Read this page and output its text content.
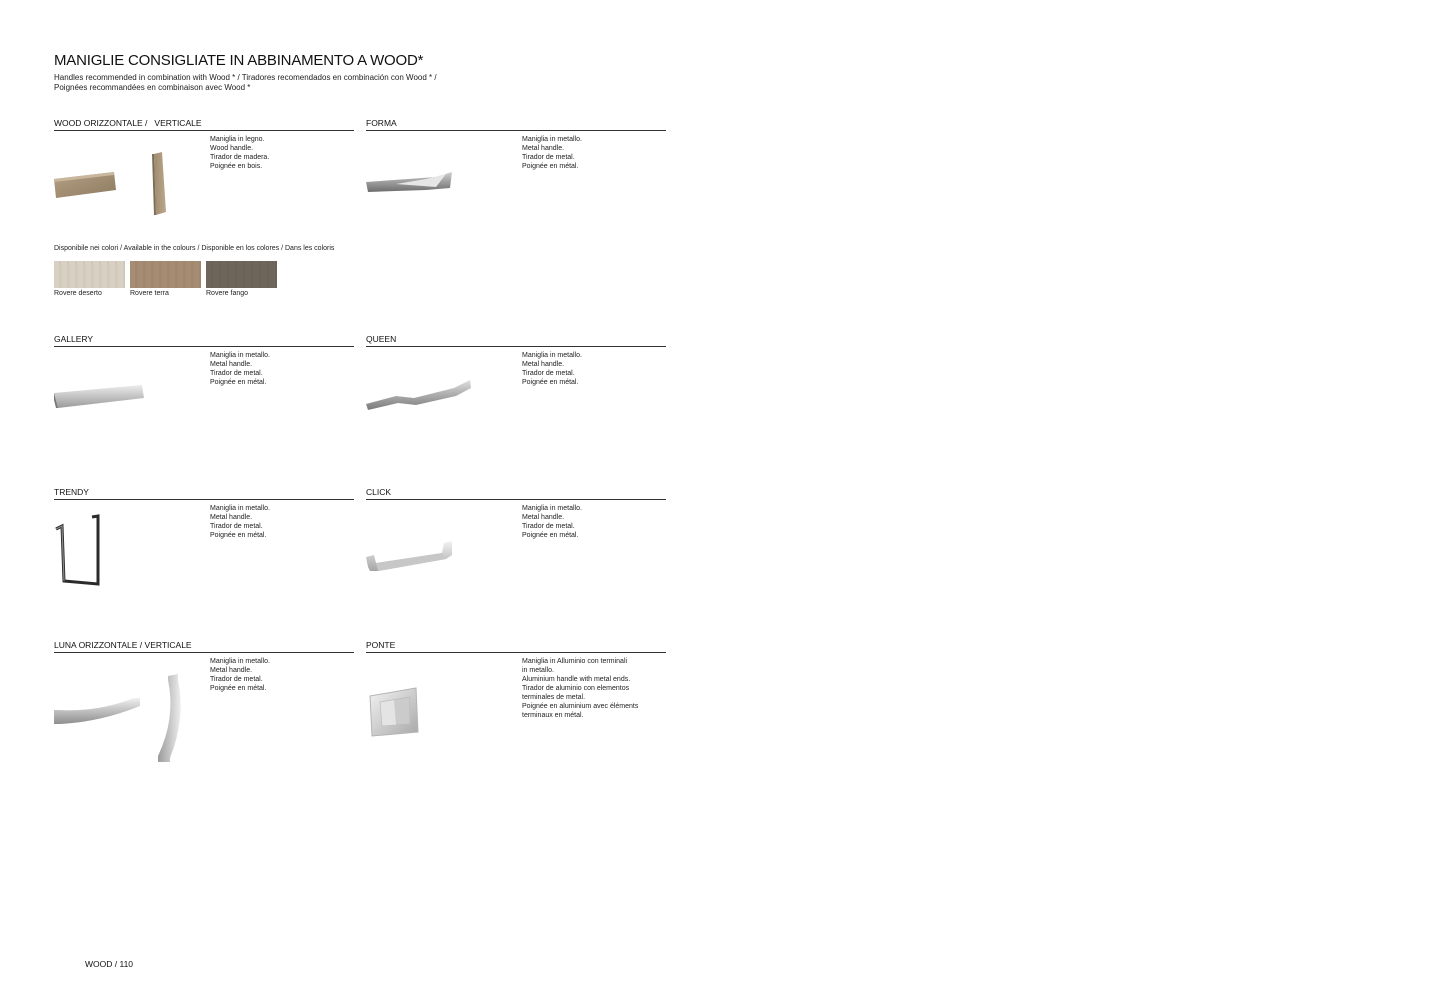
MANIGLIE CONSIGLIATE IN ABBINAMENTO A WOOD*
Handles recommended in combination with Wood * / Tiradores recomendados en combinación con Wood * /
Poignées recommandées en combinaison avec Wood *
WOOD ORIZZONTALE /   VERTICALE
Maniglia in legno.
Wood handle.
Tirador de madera.
Poignée en bois.
FORMA
Maniglia in metallo.
Metal handle.
Tirador de metal.
Poignée en métal.
Disponibile nei colori / Available in the colours / Disponible en los colores / Dans les coloris
Rovere deserto	Rovere terra	Rovere fango
GALLERY
Maniglia in metallo.
Metal handle.
Tirador de metal.
Poignée en métal.
QUEEN
Maniglia in metallo.
Metal handle.
Tirador de metal.
Poignée en métal.
TRENDY
Maniglia in metallo.
Metal handle.
Tirador de metal.
Poignée en métal.
CLICK
Maniglia in metallo.
Metal handle.
Tirador de metal.
Poignée en métal.
LUNA ORIZZONTALE / VERTICALE
Maniglia in metallo.
Metal handle.
Tirador de metal.
Poignée en métal.
PONTE
Maniglia in Alluminio con terminali
in metallo.
Aluminium handle with metal ends.
Tirador de aluminio con elementos
terminales de metal.
Poignée en aluminium avec éléments
terminaux en métal.
WOOD / 110
